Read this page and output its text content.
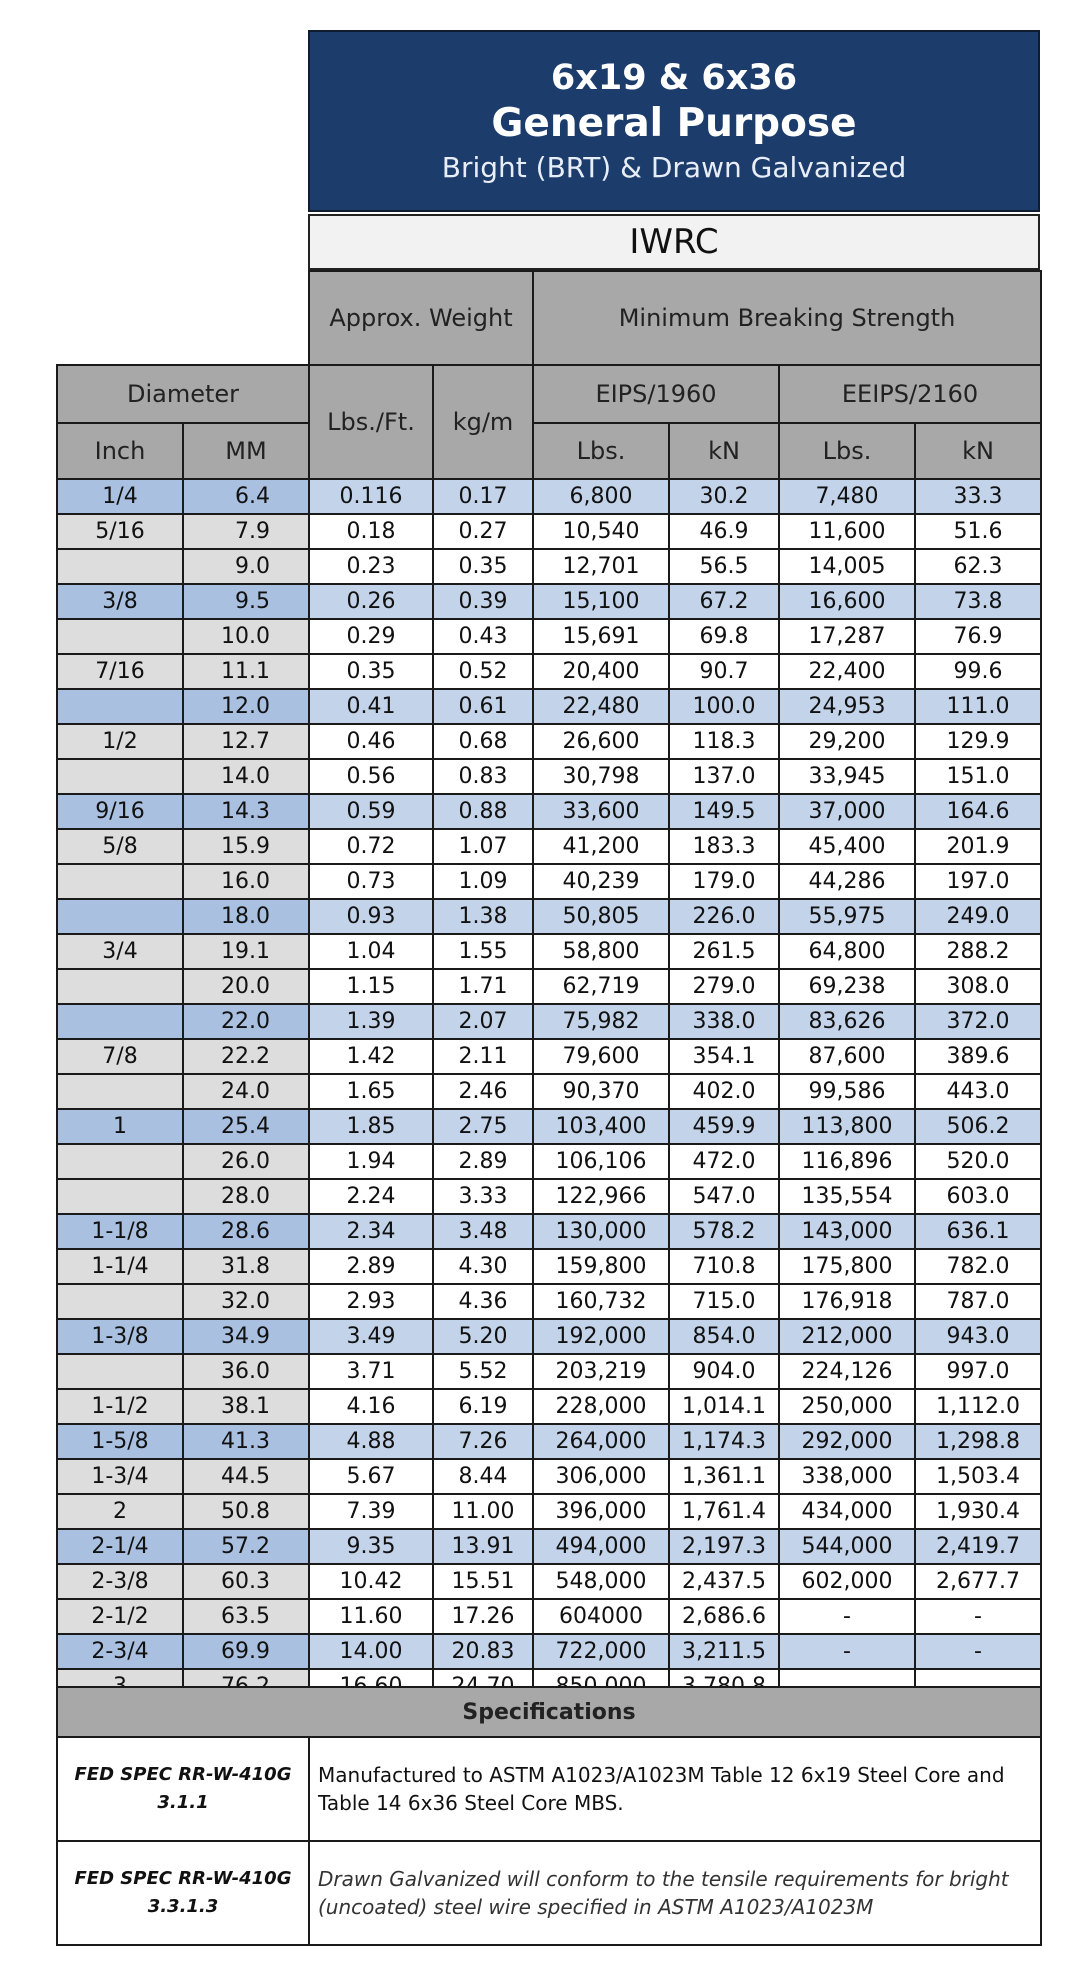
6x19 & 6x36
General Purpose
Bright (BRT) & Drawn Galvanized
IWRC
		Approx. Weight		Minimum Breaking Strength			
Diameter		Lbs./Ft.	kg/m	EIPS/1960		EEIPS/2160	
Inch	MM			Lbs.	kN	Lbs.	kN
1/4	6.4	0.116	0.17	6,800	30.2	7,480	33.3
5/16	7.9	0.18	0.27	10,540	46.9	11,600	51.6
	9.0	0.23	0.35	12,701	56.5	14,005	62.3
3/8	9.5	0.26	0.39	15,100	67.2	16,600	73.8
	10.0	0.29	0.43	15,691	69.8	17,287	76.9
7/16	11.1	0.35	0.52	20,400	90.7	22,400	99.6
	12.0	0.41	0.61	22,480	100.0	24,953	111.0
1/2	12.7	0.46	0.68	26,600	118.3	29,200	129.9
	14.0	0.56	0.83	30,798	137.0	33,945	151.0
9/16	14.3	0.59	0.88	33,600	149.5	37,000	164.6
5/8	15.9	0.72	1.07	41,200	183.3	45,400	201.9
	16.0	0.73	1.09	40,239	179.0	44,286	197.0
	18.0	0.93	1.38	50,805	226.0	55,975	249.0
3/4	19.1	1.04	1.55	58,800	261.5	64,800	288.2
	20.0	1.15	1.71	62,719	279.0	69,238	308.0
	22.0	1.39	2.07	75,982	338.0	83,626	372.0
7/8	22.2	1.42	2.11	79,600	354.1	87,600	389.6
	24.0	1.65	2.46	90,370	402.0	99,586	443.0
1	25.4	1.85	2.75	103,400	459.9	113,800	506.2
	26.0	1.94	2.89	106,106	472.0	116,896	520.0
	28.0	2.24	3.33	122,966	547.0	135,554	603.0
1-1/8	28.6	2.34	3.48	130,000	578.2	143,000	636.1
1-1/4	31.8	2.89	4.30	159,800	710.8	175,800	782.0
	32.0	2.93	4.36	160,732	715.0	176,918	787.0
1-3/8	34.9	3.49	5.20	192,000	854.0	212,000	943.0
	36.0	3.71	5.52	203,219	904.0	224,126	997.0
1-1/2	38.1	4.16	6.19	228,000	1,014.1	250,000	1,112.0
1-5/8	41.3	4.88	7.26	264,000	1,174.3	292,000	1,298.8
1-3/4	44.5	5.67	8.44	306,000	1,361.1	338,000	1,503.4
2	50.8	7.39	11.00	396,000	1,761.4	434,000	1,930.4
2-1/4	57.2	9.35	13.91	494,000	2,197.3	544,000	2,419.7
2-3/8	60.3	10.42	15.51	548,000	2,437.5	602,000	2,677.7
2-1/2	63.5	11.60	17.26	604000	2,686.6	-	-
2-3/4	69.9	14.00	20.83	722,000	3,211.5	-	-

Specifications	

FED SPEC RR-W-410G
3.1.1	Manufactured to ASTM A1023/A1023M Table 12 6x19 Steel Core and Table 14 6x36 Steel Core MBS.

FED SPEC RR-W-410G
3.3.1.3	Drawn Galvanized will conform to the tensile requirements for bright (uncoated) steel wire specified in ASTM A1023/A1023M
